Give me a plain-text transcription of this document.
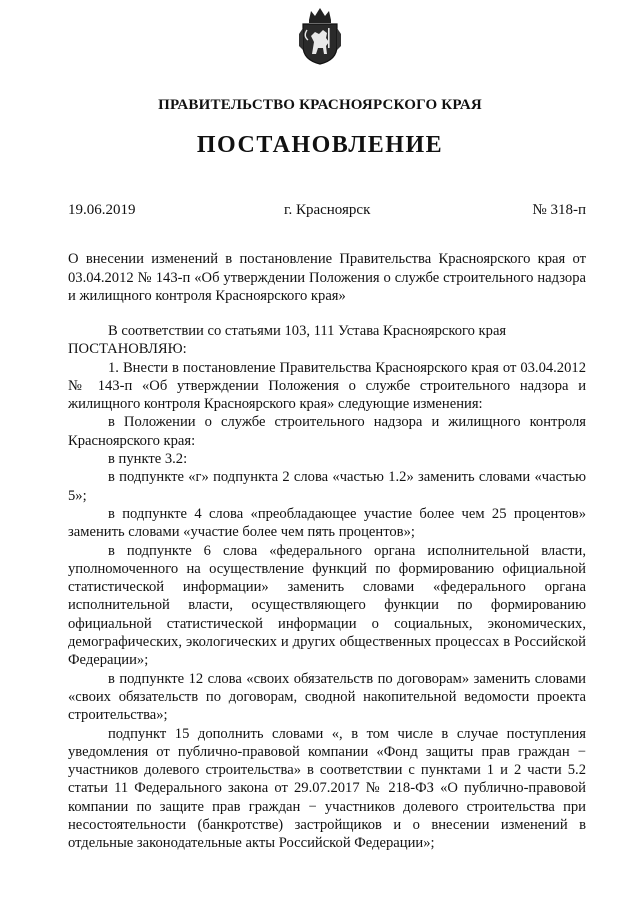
ПРАВИТЕЛЬСТВО КРАСНОЯРСКОГО КРАЯ
ПОСТАНОВЛЕНИЕ
19.06.2019	г. Красноярск	№ 318-п
О внесении изменений в постановление Правительства Красноярского края от 03.04.2012 № 143-п «Об утверждении Положения о службе строительного надзора и жилищного контроля Красноярского края»

В соответствии со статьями 103, 111 Устава Красноярского края

ПОСТАНОВЛЯЮ:

1. Внести в постановление Правительства Красноярского края от 03.04.2012 № 143-п «Об утверждении Положения о службе строительного надзора и жилищного контроля Красноярского края» следующие изменения:

в Положении о службе строительного надзора и жилищного контроля Красноярского края:

в пункте 3.2:

в подпункте «г» подпункта 2 слова «частью 1.2» заменить словами «частью 5»;

в подпункте 4 слова «преобладающее участие более чем 25 процентов» заменить словами «участие более чем пять процентов»;

в подпункте 6 слова «федерального органа исполнительной власти, уполномоченного на осуществление функций по формированию официальной статистической информации» заменить словами «федерального органа исполнительной власти, осуществляющего функции по формированию официальной статистической информации о социальных, экономических, демографических, экологических и других общественных процессах в Российской Федерации»;

в подпункте 12 слова «своих обязательств по договорам» заменить словами «своих обязательств по договорам, сводной накопительной ведомости проекта строительства»;

подпункт 15 дополнить словами «, в том числе в случае поступления уведомления от публично-правовой компании «Фонд защиты прав граждан − участников долевого строительства» в соответствии с пунктами 1 и 2 части 5.2 статьи 11 Федерального закона от 29.07.2017 № 218-ФЗ «О публично-правовой компании по защите прав граждан − участников долевого строительства при несостоятельности (банкротстве) застройщиков и о внесении изменений в отдельные законодательные акты Российской Федерации»;
